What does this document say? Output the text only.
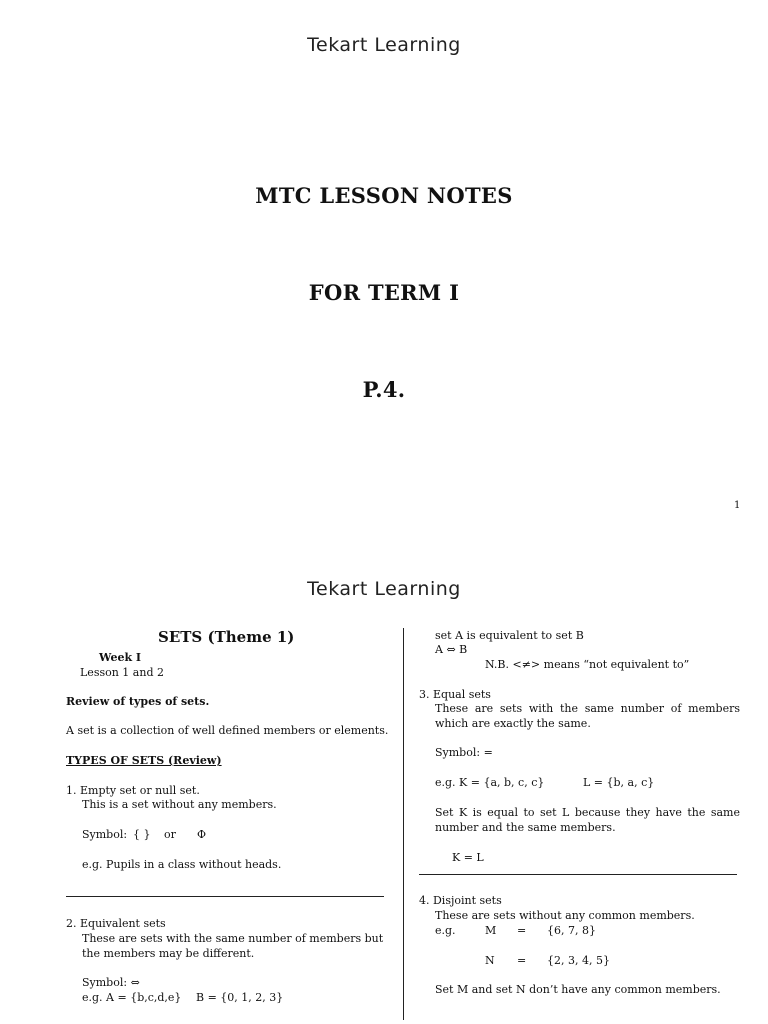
Tekart Learning
MTC LESSON NOTES
FOR TERM I
P.4.
1
Tekart Learning
SETS (Theme 1)
Week I
Lesson 1 and 2
Review of types of sets.
A set is a collection of well defined members or elements.
TYPES OF SETS (Review)
1. Empty set or null set.
This is a set without any members.
Symbol: { } or Φ
e.g. Pupils in a class without heads.
2. Equivalent sets
These are sets with the same number of members but
the members may be different.
Symbol: ⇔
e.g. A = {b,c,d,e} B = {0, 1, 2, 3}
set A is equivalent to set B
A ⇔ B
N.B. <≠> means “not equivalent to”
3. Equal sets
These are sets with the same number of members which are exactly the same.
Symbol: =
e.g. K = {a, b, c, c}	L = {b, a, c}
Set K is equal to set L because they have the same number and the same members.
K = L
4. Disjoint sets
These are sets without any common members.
e.g.	M = {6, 7, 8}
N = {2, 3, 4, 5}
Set M and set N don’t have any common members.
